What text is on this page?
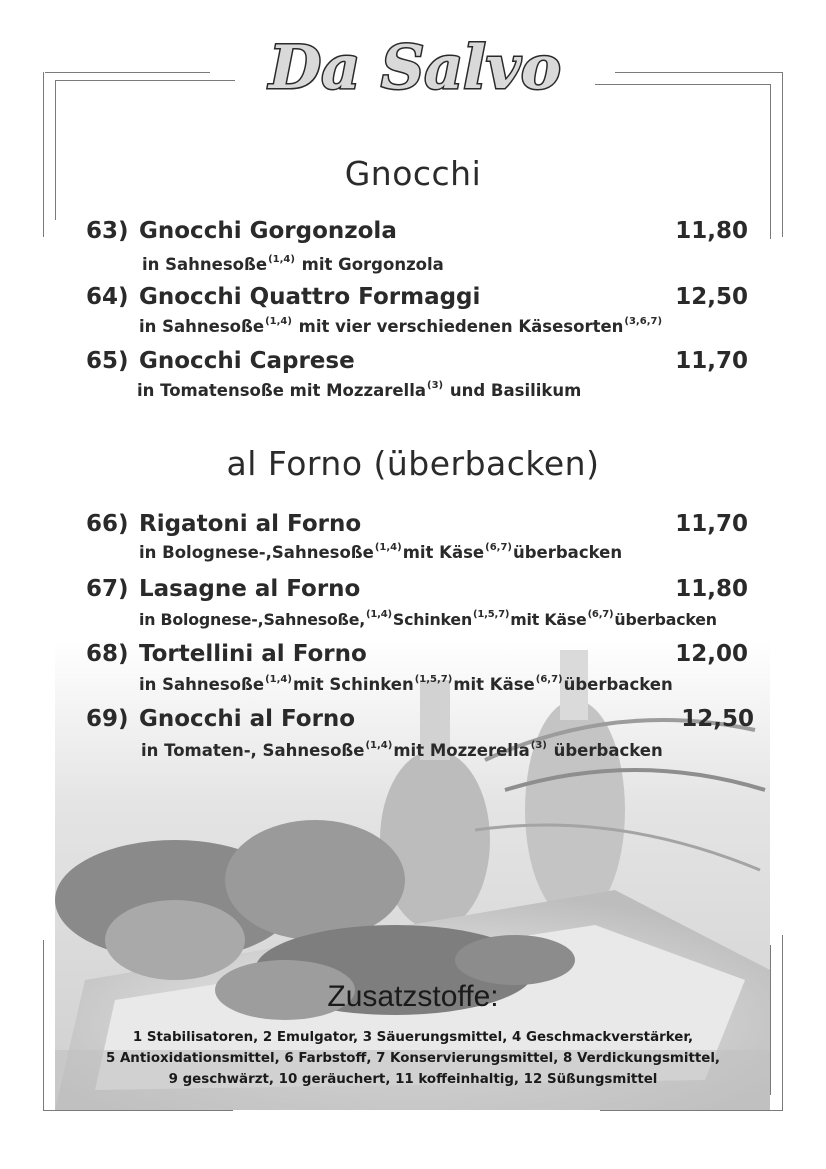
Da Salvo
Gnocchi
63) Gnocchi Gorgonzola	11,80
in Sahnesoße$^{(1,4)}$ mit Gorgonzola
64) Gnocchi Quattro Formaggi	12,50
in Sahnesoße$^{(1,4)}$ mit vier verschiedenen Käsesorten$^{(3,6,7)}$
65) Gnocchi Caprese	11,70
in Tomatensoße mit Mozzarella$^{(3)}$ und Basilikum
al Forno (überbacken)
66) Rigatoni al Forno	11,70
in Bolognese-,Sahnesoße$^{(1,4)}$mit Käse$^{(6,7)}$überbacken
67) Lasagne al Forno	11,80
in Bolognese-,Sahnesoße,$^{(1,4)}$Schinken$^{(1,5,7)}$mit Käse$^{(6,7)}$überbacken
68) Tortellini al Forno	12,00
in Sahnesoße$^{(1,4)}$mit Schinken$^{(1,5,7)}$mit Käse$^{(6,7)}$überbacken
69) Gnocchi al Forno	12,50
in Tomaten-, Sahnesoße$^{(1,4)}$mit Mozzerella$^{(3)}$ überbacken
Zusatzstoffe:
1 Stabilisatoren, 2 Emulgator, 3 Säuerungsmittel, 4 Geschmackverstärker,
5 Antioxidationsmittel, 6 Farbstoff, 7 Konservierungsmittel, 8 Verdickungsmittel,
9 geschwärzt, 10 geräuchert, 11 koffeinhaltig, 12 Süßungsmittel
